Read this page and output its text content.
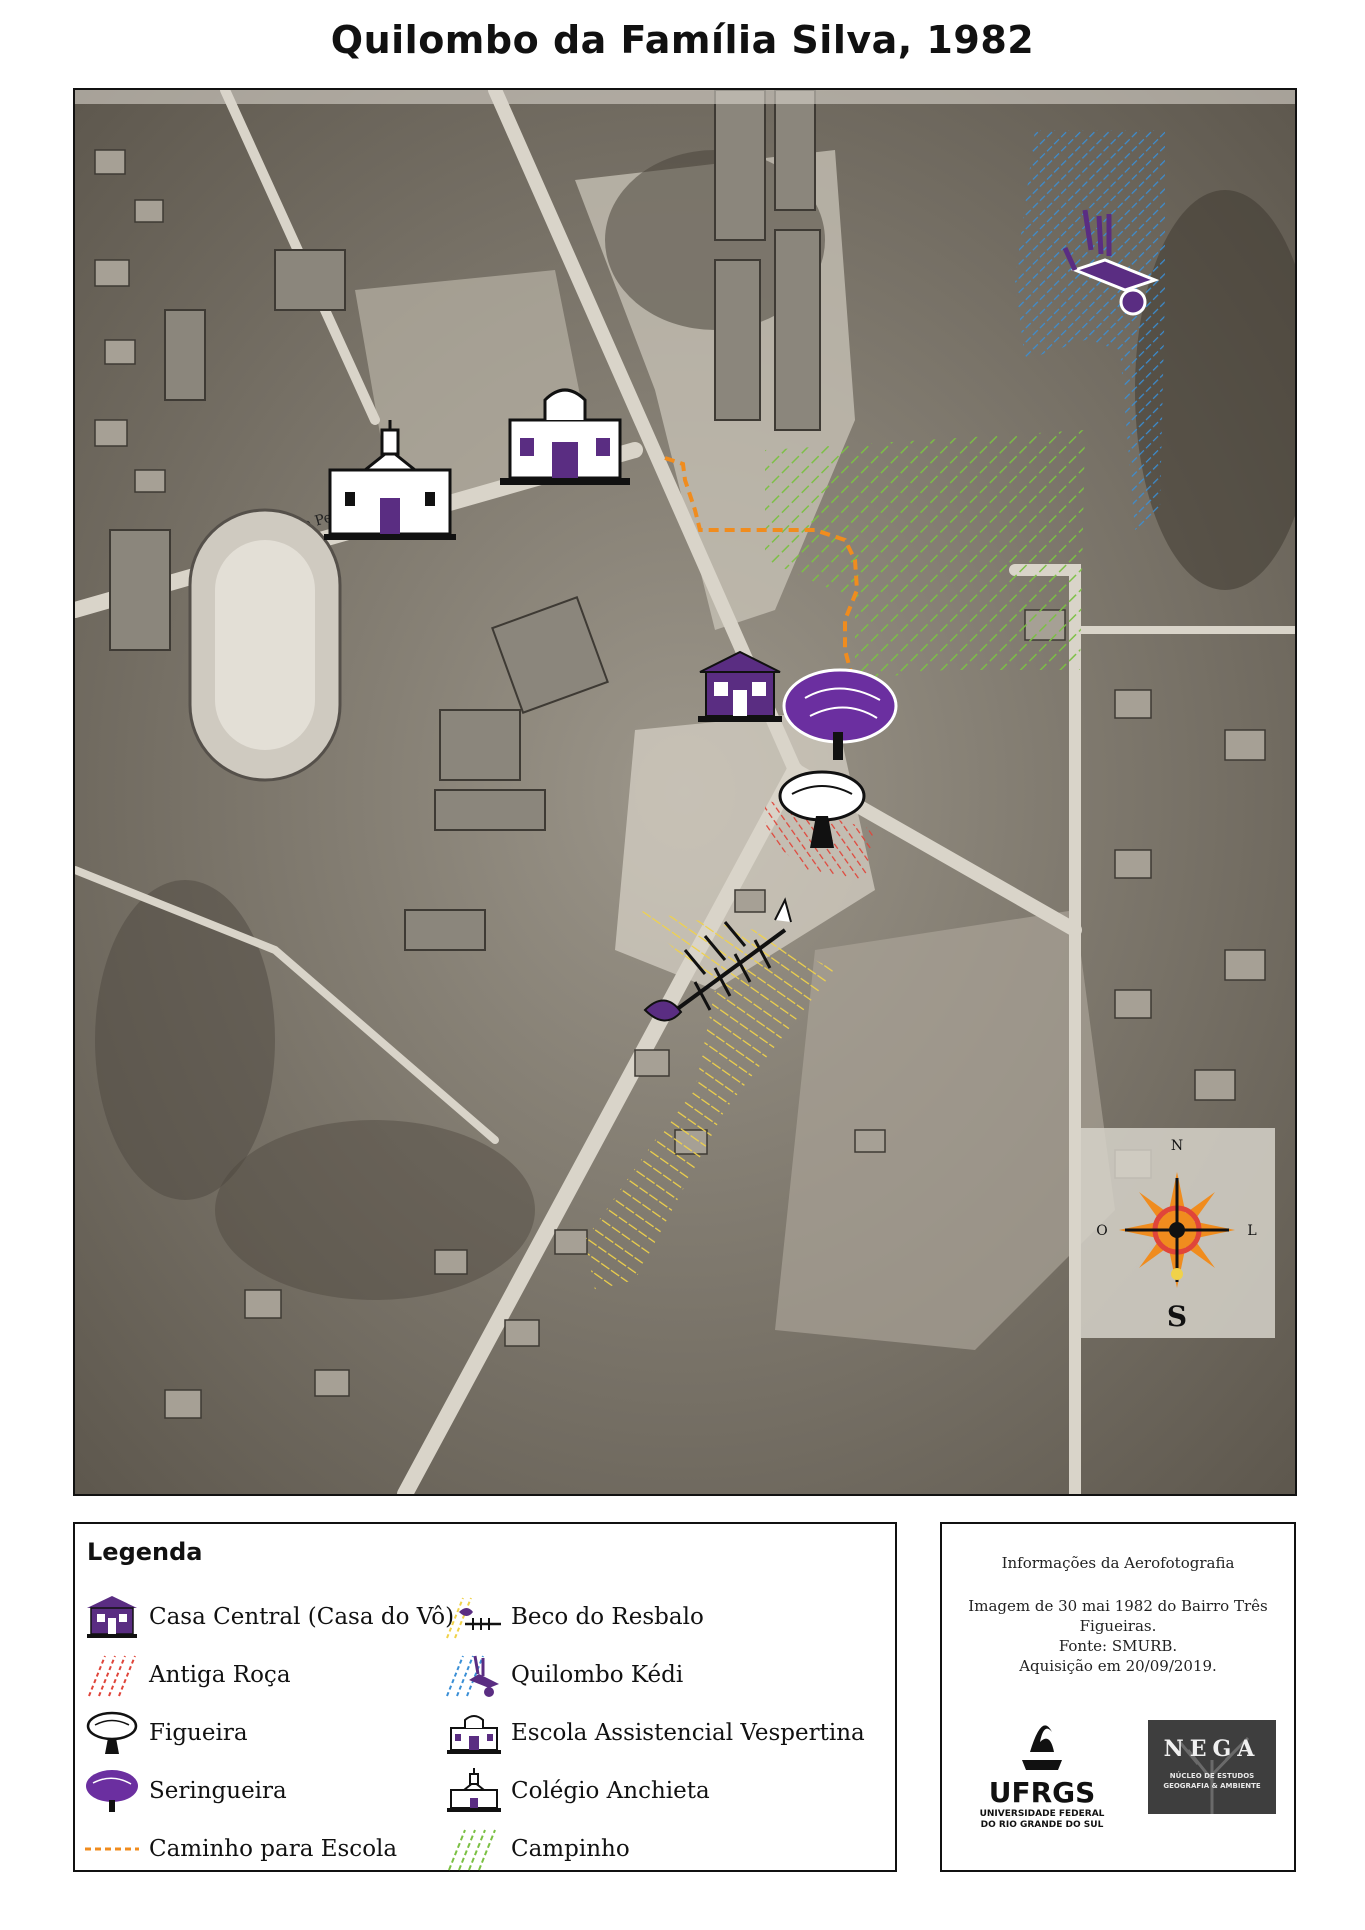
Quilombo da Família Silva, 1982
N
L
O
S
Legenda
Casa Central (Casa do Vô)
Antiga Roça
Figueira
Seringueira
Caminho para Escola
Beco do Resbalo
Quilombo Kédi
Escola Assistencial Vespertina
Colégio Anchieta
Campinho
Informações da Aerofotografia
Imagem de 30 mai 1982 do Bairro Três
Figueiras.
Fonte: SMURB.
Aquisição em 20/09/2019.
UFRGS
UNIVERSIDADE FEDERAL
DO RIO GRANDE DO SUL
NEGA
NÚCLEO DE ESTUDOS
GEOGRAFIA & AMBIENTE
